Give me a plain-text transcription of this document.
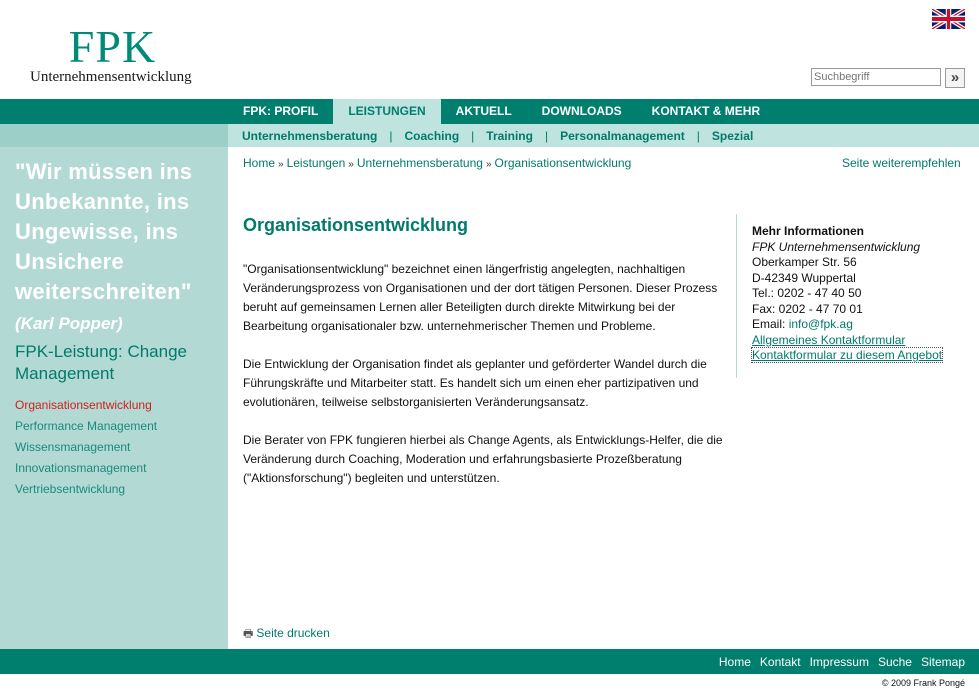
FPK
Unternehmensentwicklung
Suchbegriff	»
FPK: PROFIL	LEISTUNGEN	AKTUELL	DOWNLOADS	KONTAKT & MEHR
Unternehmensberatung	|	Coaching	|	Training	|	Personalmanagement	|	Spezial
"Wir müssen ins Unbekannte, ins Ungewisse, ins Unsichere weiterschreiten" (Karl Popper)
FPK-Leistung: Change Management
Organisationsentwicklung
Performance Management
Wissensmanagement
Innovationsmanagement
Vertriebsentwicklung
Home » Leistungen » Unternehmensberatung » Organisationsentwicklung	Seite weiterempfehlen
Organisationsentwicklung

"Organisationsentwicklung" bezeichnet einen längerfristig angelegten, nachhaltigen Veränderungsprozess von Organisationen und der dort tätigen Personen. Dieser Prozess beruht auf gemeinsamen Lernen aller Beteiligten durch direkte Mitwirkung bei der Bearbeitung organisationaler bzw. unternehmerischer Themen und Probleme.

Die Entwicklung der Organisation findet als geplanter und geförderter Wandel durch die Führungskräfte und Mitarbeiter statt. Es handelt sich um einen eher partizipativen und evolutionären, teilweise selbstorganisierten Veränderungsansatz.

Die Berater von FPK fungieren hierbei als Change Agents, als Entwicklungs-Helfer, die die Veränderung durch Coaching, Moderation und erfahrungsbasierte Prozeßberatung ("Aktionsforschung") begleiten und unterstützen.

Mehr Informationen
FPK Unternehmensentwicklung
Oberkamper Str. 56
D-42349 Wuppertal
Tel.: 0202 - 47 40 50
Fax: 0202 - 47 70 01
Email: info@fpk.ag
Allgemeines Kontaktformular
Kontaktformular zu diesem Angebot
🖶 Seite drucken
Home Kontakt Impressum Suche Sitemap
© 2009 Frank Pongé
